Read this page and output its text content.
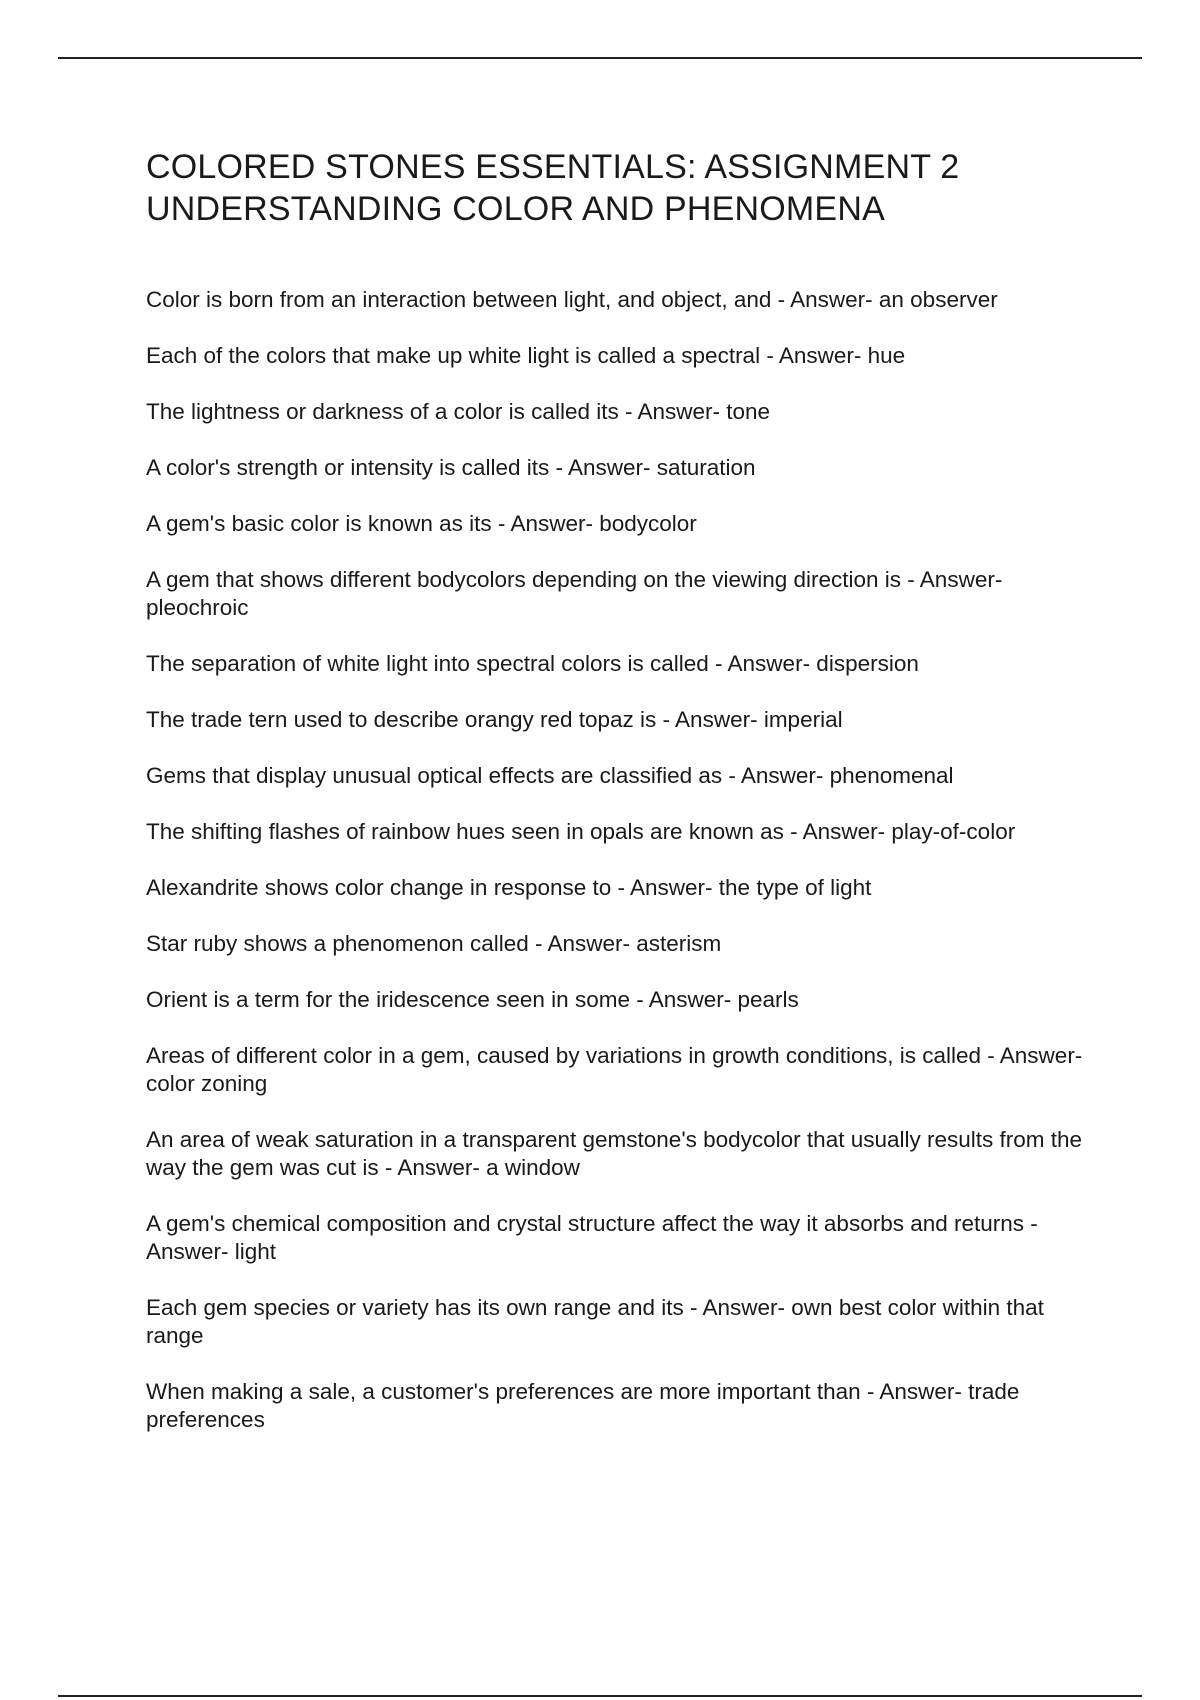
COLORED STONES ESSENTIALS: ASSIGNMENT 2
UNDERSTANDING COLOR AND PHENOMENA
Color is born from an interaction between light, and object, and - Answer- an observer
Each of the colors that make up white light is called a spectral - Answer- hue
The lightness or darkness of a color is called its - Answer- tone
A color's strength or intensity is called its - Answer- saturation
A gem's basic color is known as its - Answer- bodycolor
A gem that shows different bodycolors depending on the viewing direction is - Answer- pleochroic
The separation of white light into spectral colors is called - Answer- dispersion
The trade tern used to describe orangy red topaz is - Answer- imperial
Gems that display unusual optical effects are classified as - Answer- phenomenal
The shifting flashes of rainbow hues seen in opals are known as - Answer- play-of-color
Alexandrite shows color change in response to - Answer- the type of light
Star ruby shows a phenomenon called - Answer- asterism
Orient is a term for the iridescence seen in some - Answer- pearls
Areas of different color in a gem, caused by variations in growth conditions, is called - Answer- color zoning
An area of weak saturation in a transparent gemstone's bodycolor that usually results from the way the gem was cut is - Answer- a window
A gem's chemical composition and crystal structure affect the way it absorbs and returns - Answer- light
Each gem species or variety has its own range and its - Answer- own best color within that range
When making a sale, a customer's preferences are more important than - Answer- trade preferences
